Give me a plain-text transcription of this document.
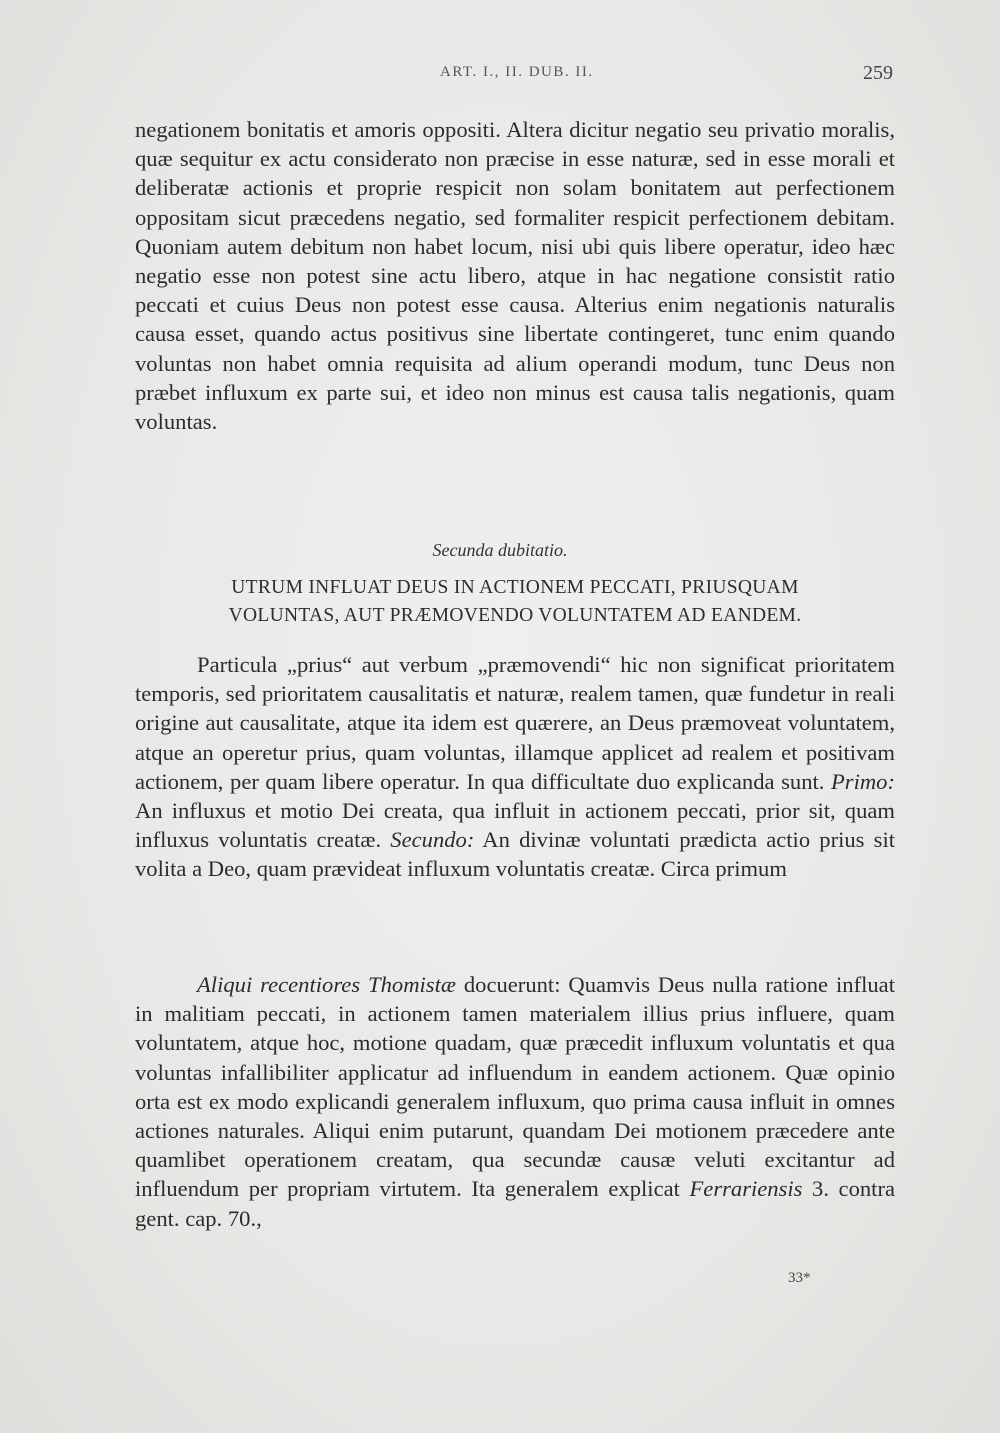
ART. I., II. DUB. II.	259

negationem bonitatis et amoris oppositi. Altera dicitur negatio seu privatio moralis, quæ sequitur ex actu considerato non præcise in esse naturæ, sed in esse morali et deliberatæ actionis et proprie respicit non solam bonitatem aut perfectionem oppositam sicut præcedens negatio, sed formaliter respicit perfectionem debitam. Quoniam autem debitum non habet locum, nisi ubi quis libere operatur, ideo hæc negatio esse non potest sine actu libero, atque in hac negatione consistit ratio peccati et cuius Deus non potest esse causa. Alterius enim negationis naturalis causa esset, quando actus positivus sine libertate contingeret, tunc enim quando voluntas non habet omnia requisita ad alium operandi modum, tunc Deus non præbet influxum ex parte sui, et ideo non minus est causa talis negationis, quam voluntas.

Secunda dubitatio.
UTRUM INFLUAT DEUS IN ACTIONEM PECCATI, PRIUSQUAM
VOLUNTAS, AUT PRÆMOVENDO VOLUNTATEM AD EANDEM.

Particula „prius“ aut verbum „præmovendi“ hic non significat prioritatem temporis, sed prioritatem causalitatis et naturæ, realem tamen, quæ fundetur in reali origine aut causalitate, atque ita idem est quærere, an Deus præmoveat voluntatem, atque an operetur prius, quam voluntas, illamque applicet ad realem et positivam actionem, per quam libere operatur. In qua difficultate duo explicanda sunt. Primo: An influxus et motio Dei creata, qua influit in actionem peccati, prior sit, quam influxus voluntatis creatæ. Secundo: An divinæ voluntati prædicta actio prius sit volita a Deo, quam prævideat influxum voluntatis creatæ. Circa primum

Aliqui recentiores Thomistæ docuerunt: Quamvis Deus nulla ratione influat in malitiam peccati, in actionem tamen materialem illius prius influere, quam voluntatem, atque hoc, motione quadam, quæ præcedit influxum voluntatis et qua voluntas infallibiliter applicatur ad influendum in eandem actionem. Quæ opinio orta est ex modo explicandi generalem influxum, quo prima causa influit in omnes actiones naturales. Aliqui enim putarunt, quandam Dei motionem præcedere ante quamlibet operationem creatam, qua secundæ causæ veluti excitantur ad influendum per propriam virtutem. Ita generalem explicat Ferrariensis 3. contra gent. cap. 70.,

33*
